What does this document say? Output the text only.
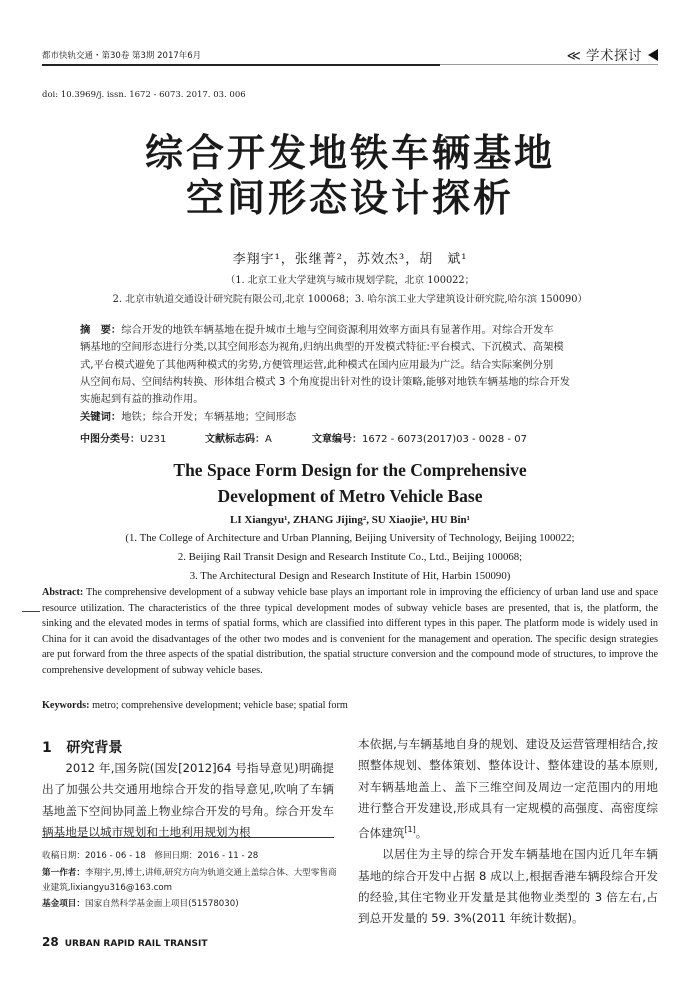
都市快轨交通・第30卷 第3期 2017年6月	≪ 学术探讨
doi: 10.3969/j. issn. 1672 - 6073. 2017. 03. 006
综合开发地铁车辆基地
空间形态设计探析
李翔宇¹，张继菁²，苏效杰³，胡　斌¹
（1. 北京工业大学建筑与城市规划学院，北京 100022；
2. 北京市轨道交通设计研究院有限公司,北京 100068；3. 哈尔滨工业大学建筑设计研究院,哈尔滨 150090）
摘　要：综合开发的地铁车辆基地在提升城市土地与空间资源利用效率方面具有显著作用。对综合开发车
辆基地的空间形态进行分类,以其空间形态为视角,归纳出典型的开发模式特征:平台模式、下沉模式、高架模
式,平台模式避免了其他两种模式的劣势,方便管理运营,此种模式在国内应用最为广泛。结合实际案例分别
从空间布局、空间结构转换、形体组合模式 3 个角度提出针对性的设计策略,能够对地铁车辆基地的综合开发
实施起到有益的推动作用。
关键词：地铁；综合开发；车辆基地；空间形态
中图分类号：U231	文献标志码：A	文章编号：1672 - 6073(2017)03 - 0028 - 07
The Space Form Design for the Comprehensive
Development of Metro Vehicle Base
LI Xiangyu¹, ZHANG Jijing², SU Xiaojie³, HU Bin¹
(1. The College of Architecture and Urban Planning, Beijing University of Technology, Beijing 100022;
2. Beijing Rail Transit Design and Research Institute Co., Ltd., Beijing 100068;
3. The Architectural Design and Research Institute of Hit, Harbin 150090)
Abstract: The comprehensive development of a subway vehicle base plays an important role in improving the efficiency of urban land use and space resource utilization. The characteristics of the three typical development modes of subway vehicle bases are presented, that is, the platform, the sinking and the elevated modes in terms of spatial forms, which are classified into different types in this paper. The platform mode is widely used in China for it can avoid the disadvantages of the other two modes and is convenient for the management and operation. The specific design strategies are put forward from the three aspects of the spatial distribution, the spatial structure conversion and the compound mode of structures, to improve the comprehensive development of subway vehicle bases.
Keywords: metro; comprehensive development; vehicle base; spatial form
1 研究背景

　　2012 年,国务院(国发[2012]64 号指导意见)明确提出了加强公共交通用地综合开发的指导意见,吹响了车辆基地盖下空间协同盖上物业综合开发的号角。综合开发车辆基地是以城市规划和土地利用规划为根

本依据,与车辆基地自身的规划、建设及运营管理相结合,按照整体规划、整体策划、整体设计、整体建设的基本原则,对车辆基地盖上、盖下三维空间及周边一定范围内的用地进行整合开发建设,形成具有一定规模的高强度、高密度综合体建筑[1]。

　　以居住为主导的综合开发车辆基地在国内近几年车辆基地的综合开发中占据 8 成以上,根据香港车辆段综合开发的经验,其住宅物业开发量是其他物业类型的 3 倍左右,占到总开发量的 59. 3%(2011 年统计数据)。

收稿日期：2016 - 06 - 18　修回日期：2016 - 11 - 28
第一作者：李翔宇,男,博士,讲师,研究方向为轨道交通上盖综合体、大型零售商业建筑,lixiangyu316@163.com
基金项目：国家自然科学基金面上项目(51578030)
28 URBAN RAPID RAIL TRANSIT
